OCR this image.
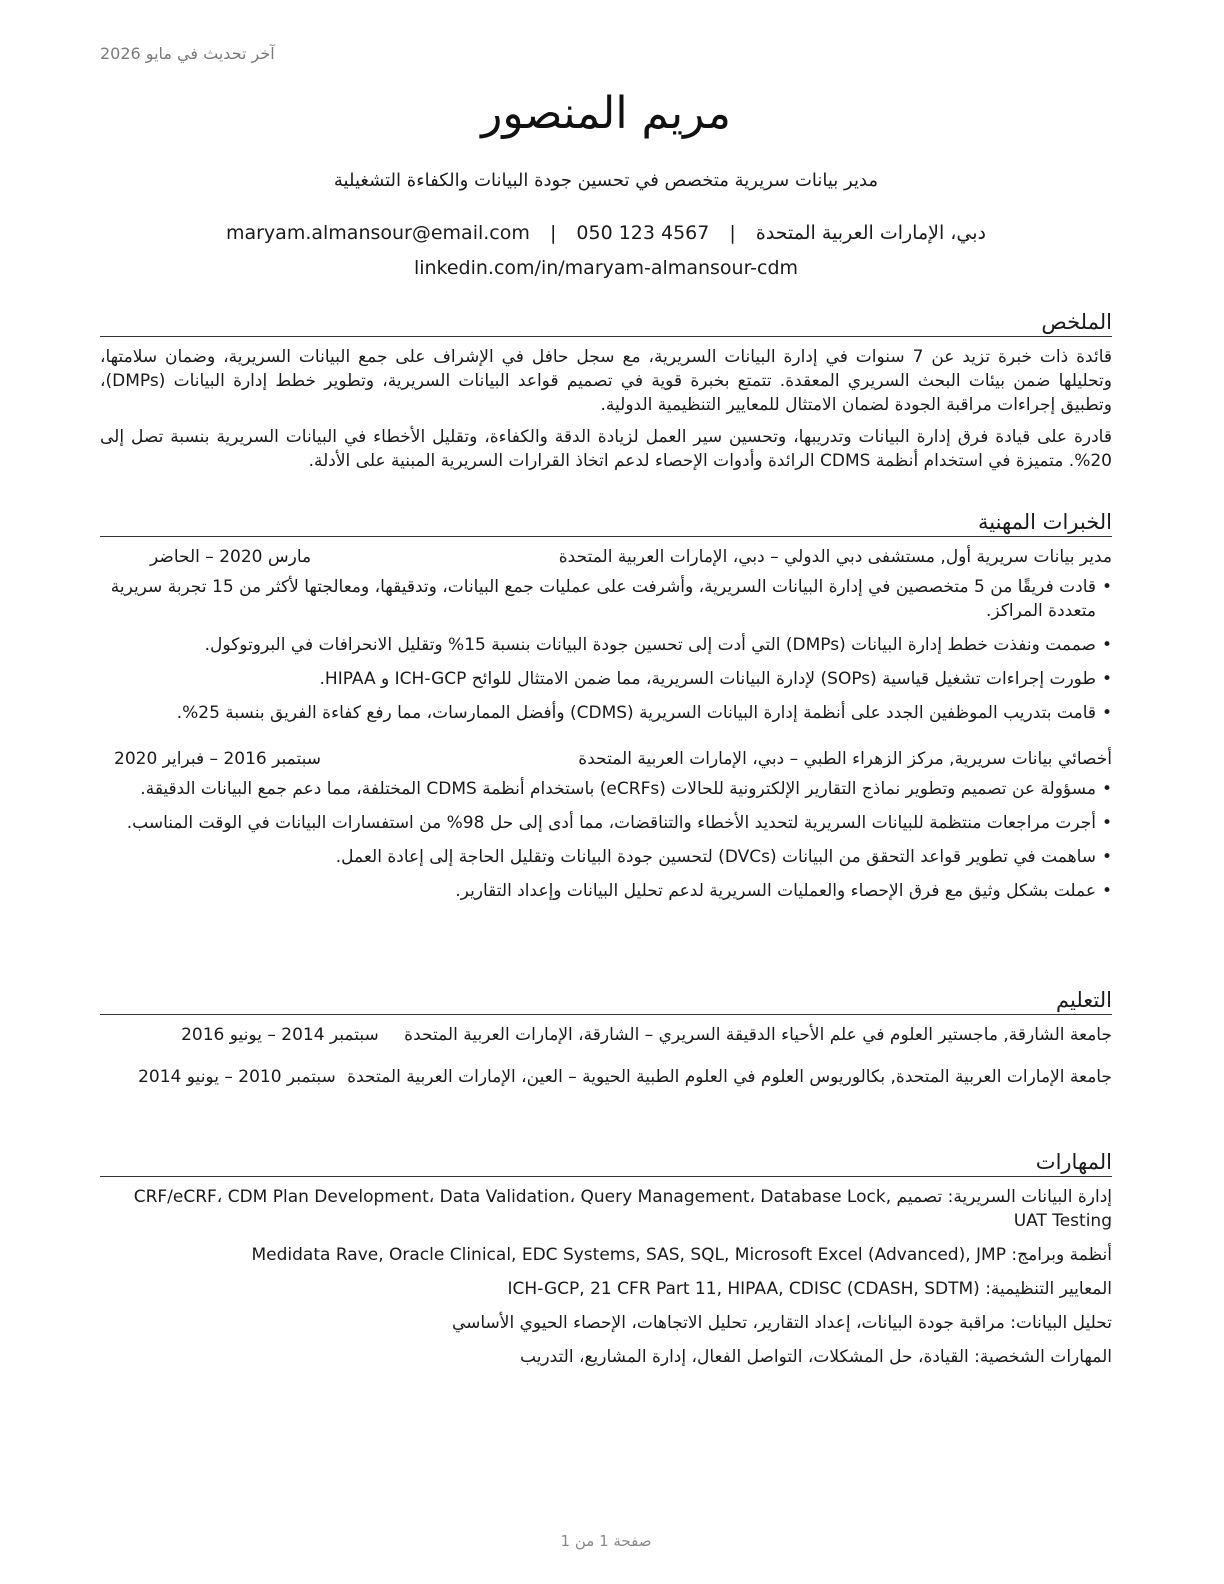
آخر تحديث في مايو 2026
مريم المنصور
مدير بيانات سريرية متخصص في تحسين جودة البيانات والكفاءة التشغيلية
دبي، الإمارات العربية المتحدة | maryam.almansour@email.com | 050 123 4567
linkedin.com/in/maryam-almansour-cdm
الملخص

قائدة ذات خبرة تزيد عن 7 سنوات في إدارة البيانات السريرية، مع سجل حافل في الإشراف على جمع البيانات السريرية، وضمان سلامتها، وتحليلها ضمن بيئات البحث السريري المعقدة. تتمتع بخبرة قوية في تصميم قواعد البيانات السريرية، وتطوير خطط إدارة البيانات (DMPs)، وتطبيق إجراءات مراقبة الجودة لضمان الامتثال للمعايير التنظيمية الدولية.

قادرة على قيادة فرق إدارة البيانات وتدريبها، وتحسين سير العمل لزيادة الدقة والكفاءة، وتقليل الأخطاء في البيانات السريرية بنسبة تصل إلى 20%. متميزة في استخدام أنظمة CDMS الرائدة وأدوات الإحصاء لدعم اتخاذ القرارات السريرية المبنية على الأدلة.

الخبرات المهنية
مدير بيانات سريرية أول, مستشفى دبي الدولي – دبي، الإمارات العربية المتحدة
مارس 2020 – الحاضر
•
قادت فريقًا من 5 متخصصين في إدارة البيانات السريرية، وأشرفت على عمليات جمع البيانات، وتدقيقها، ومعالجتها لأكثر من 15 تجربة سريرية متعددة المراكز.
•
صممت ونفذت خطط إدارة البيانات (DMPs) التي أدت إلى تحسين جودة البيانات بنسبة 15% وتقليل الانحرافات في البروتوكول.
•
طورت إجراءات تشغيل قياسية (SOPs) لإدارة البيانات السريرية، مما ضمن الامتثال للوائح ICH-GCP و HIPAA.
•
قامت بتدريب الموظفين الجدد على أنظمة إدارة البيانات السريرية (CDMS) وأفضل الممارسات، مما رفع كفاءة الفريق بنسبة 25%.
أخصائي بيانات سريرية, مركز الزهراء الطبي – دبي، الإمارات العربية المتحدة
سبتمبر 2016 – فبراير 2020
•
مسؤولة عن تصميم وتطوير نماذج التقارير الإلكترونية للحالات (eCRFs) باستخدام أنظمة CDMS المختلفة، مما دعم جمع البيانات الدقيقة.
•
أجرت مراجعات منتظمة للبيانات السريرية لتحديد الأخطاء والتناقضات، مما أدى إلى حل 98% من استفسارات البيانات في الوقت المناسب.
•
ساهمت في تطوير قواعد التحقق من البيانات (DVCs) لتحسين جودة البيانات وتقليل الحاجة إلى إعادة العمل.
•
عملت بشكل وثيق مع فرق الإحصاء والعمليات السريرية لدعم تحليل البيانات وإعداد التقارير.
التعليم
جامعة الشارقة, ماجستير العلوم في علم الأحياء الدقيقة السريري – الشارقة، الإمارات العربية المتحدة سبتمبر 2014 – يونيو 2016
جامعة الإمارات العربية المتحدة, بكالوريوس العلوم في العلوم الطبية الحيوية – العين، الإمارات العربية المتحدة سبتمبر 2010 – يونيو 2014
المهارات
إدارة البيانات السريرية: تصميم CRF/eCRF، CDM Plan Development، Data Validation، Query Management، Database Lock, UAT Testing
أنظمة وبرامج: Medidata Rave, Oracle Clinical, EDC Systems, SAS, SQL, Microsoft Excel (Advanced), JMP
المعايير التنظيمية: ICH-GCP, 21 CFR Part 11, HIPAA, CDISC (CDASH, SDTM)
تحليل البيانات: مراقبة جودة البيانات، إعداد التقارير، تحليل الاتجاهات، الإحصاء الحيوي الأساسي
المهارات الشخصية: القيادة، حل المشكلات، التواصل الفعال، إدارة المشاريع، التدريب
صفحة 1 من 1
